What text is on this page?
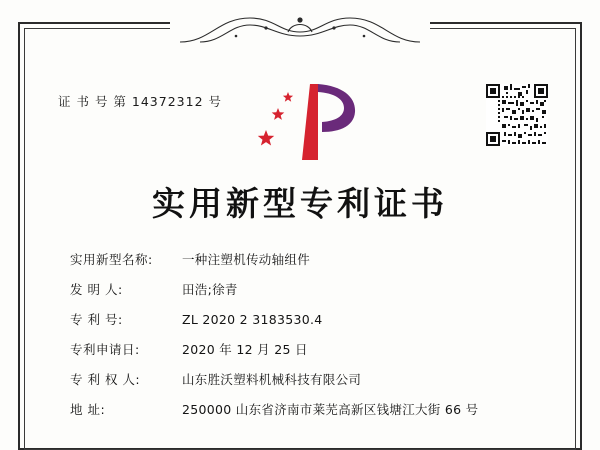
证 书 号 第 14372312 号
实用新型专利证书
实用新型名称:	一种注塑机传动轴组件
发 明 人:	田浩;徐青
专 利 号:	ZL 2020 2 3183530.4
专利申请日:	2020 年 12 月 25 日
专 利 权 人:	山东胜沃塑料机械科技有限公司
地 址:	250000 山东省济南市莱芜高新区钱塘江大街 66 号
